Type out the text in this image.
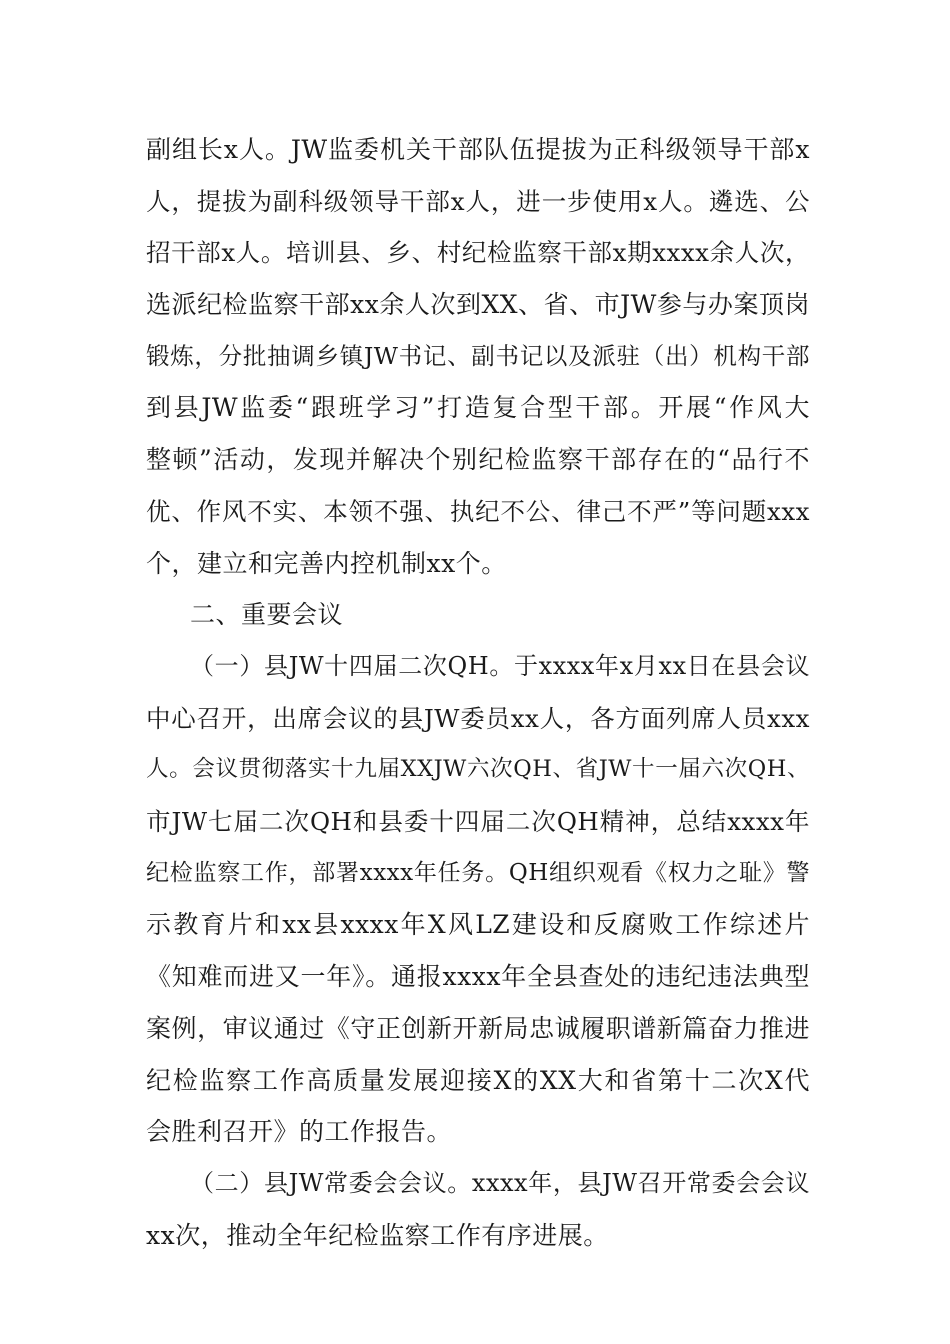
副组长x人。JW监委机关干部队伍提拔为正科级领导干部x
人，提拔为副科级领导干部x人，进一步使用x人。遴选、公
招干部x人。培训县、乡、村纪检监察干部x期xxxx余人次，
选派纪检监察干部xx余人次到XX、省、市JW参与办案顶岗
锻炼，分批抽调乡镇JW书记、副书记以及派驻（出）机构干部
到县JW监委“跟班学习”打造复合型干部。开展“作风大
整顿”活动，发现并解决个别纪检监察干部存在的“品行不
优、作风不实、本领不强、执纪不公、律己不严”等问题xxx
个，建立和完善内控机制xx个。
二、重要会议
（一）县JW十四届二次QH。于xxxx年x月xx日在县会议
中心召开，出席会议的县JW委员xx人，各方面列席人员xxx
人。会议贯彻落实十九届XXJW六次QH、省JW十一届六次QH、
市JW七届二次QH和县委十四届二次QH精神，总结xxxx年
纪检监察工作，部署xxxx年任务。QH组织观看《权力之耻》警
示教育片和xx县xxxx年X风LZ建设和反腐败工作综述片
《知难而进又一年》。通报xxxx年全县查处的违纪违法典型
案例，审议通过《守正创新开新局忠诚履职谱新篇奋力推进
纪检监察工作高质量发展迎接X的XX大和省第十二次X代
会胜利召开》的工作报告。
（二）县JW常委会会议。xxxx年，县JW召开常委会会议
xx次，推动全年纪检监察工作有序进展。
